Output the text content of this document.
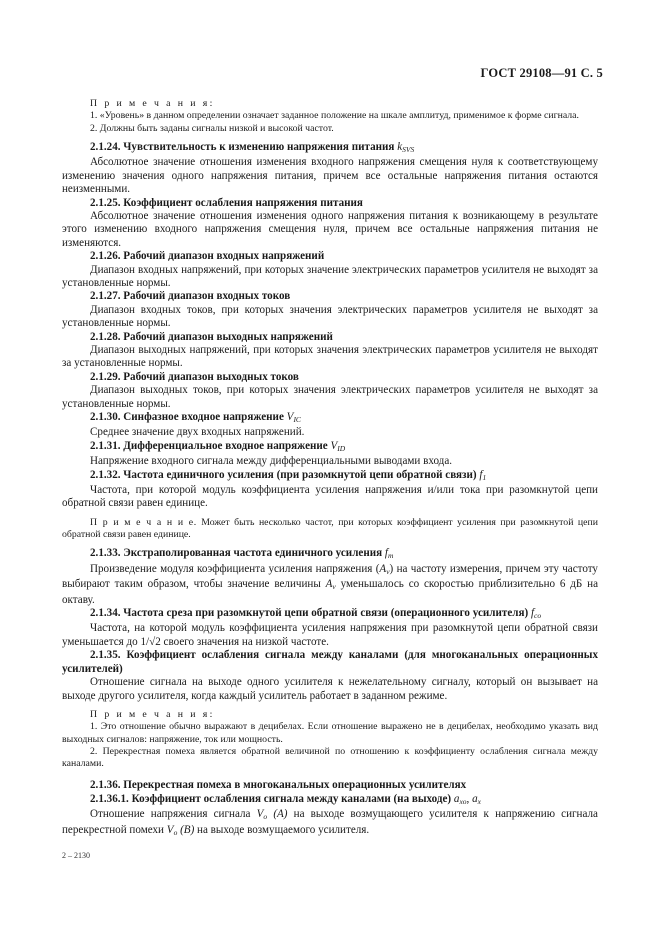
ГОСТ 29108—91 С. 5
П р и м е ч а н и я:
1. «Уровень» в данном определении означает заданное положение на шкале амплитуд, применимое к форме сигнала.
2. Должны быть заданы сигналы низкой и высокой частот.
2.1.24. Чувствительность к изменению напряжения питания $k_{SVS}$
Абсолютное значение отношения изменения входного напряжения смещения нуля к соответствующему изменению значения одного напряжения питания, причем все остальные напряжения питания остаются неизменными.
2.1.25. Коэффициент ослабления напряжения питания
Абсолютное значение отношения изменения одного напряжения питания к возникающему в результате этого изменению входного напряжения смещения нуля, причем все остальные напряжения питания не изменяются.
2.1.26. Рабочий диапазон входных напряжений
Диапазон входных напряжений, при которых значение электрических параметров усилителя не выходят за установленные нормы.
2.1.27. Рабочий диапазон входных токов
Диапазон входных токов, при которых значения электрических параметров усилителя не выходят за установленные нормы.
2.1.28. Рабочий диапазон выходных напряжений
Диапазон выходных напряжений, при которых значения электрических параметров усилителя не выходят за установленные нормы.
2.1.29. Рабочий диапазон выходных токов
Диапазон выходных токов, при которых значения электрических параметров усилителя не выходят за установленные нормы.
2.1.30. Синфазное входное напряжение $V_{IC}$
Среднее значение двух входных напряжений.
2.1.31. Дифференциальное входное напряжение $V_{ID}$
Напряжение входного сигнала между дифференциальными выводами входа.
2.1.32. Частота единичного усиления (при разомкнутой цепи обратной связи) $f_1$
Частота, при которой модуль коэффициента усиления напряжения и/или тока при разомкнутой цепи обратной связи равен единице.
П р и м е ч а н и е. Может быть несколько частот, при которых коэффициент усиления при разомкнутой цепи обратной связи равен единице.
2.1.33. Экстраполированная частота единичного усиления $f_т$
Произведение модуля коэффициента усиления напряжения $(A_v)$ на частоту измерения, причем эту частоту выбирают таким образом, чтобы значение величины $A_v$ уменьшалось со скоростью приблизительно 6 дБ на октаву.
2.1.34. Частота среза при разомкнутой цепи обратной связи (операционного усилителя) $f_{co}$
Частота, на которой модуль коэффициента усиления напряжения при разомкнутой цепи обратной связи уменьшается до 1/√2 своего значения на низкой частоте.
2.1.35. Коэффициент ослабления сигнала между каналами (для многоканальных операционных усилителей)
Отношение сигнала на выходе одного усилителя к нежелательному сигналу, который он вызывает на выходе другого усилителя, когда каждый усилитель работает в заданном режиме.
П р и м е ч а н и я:
1. Это отношение обычно выражают в децибелах. Если отношение выражено не в децибелах, необходимо указать вид выходных сигналов: напряжение, ток или мощность.
2. Перекрестная помеха является обратной величиной по отношению к коэффициенту ослабления сигнала между каналами.
2.1.36. Перекрестная помеха в многоканальных операционных усилителях
2.1.36.1. Коэффициент ослабления сигнала между каналами (на выходе) $a_{xo}$, $a_x$
Отношение напряжения сигнала $V_o$ (A) на выходе возмущающего усилителя к напряжению сигнала перекрестной помехи $V_o$ (B) на выходе возмущаемого усилителя.
2 – 2130
